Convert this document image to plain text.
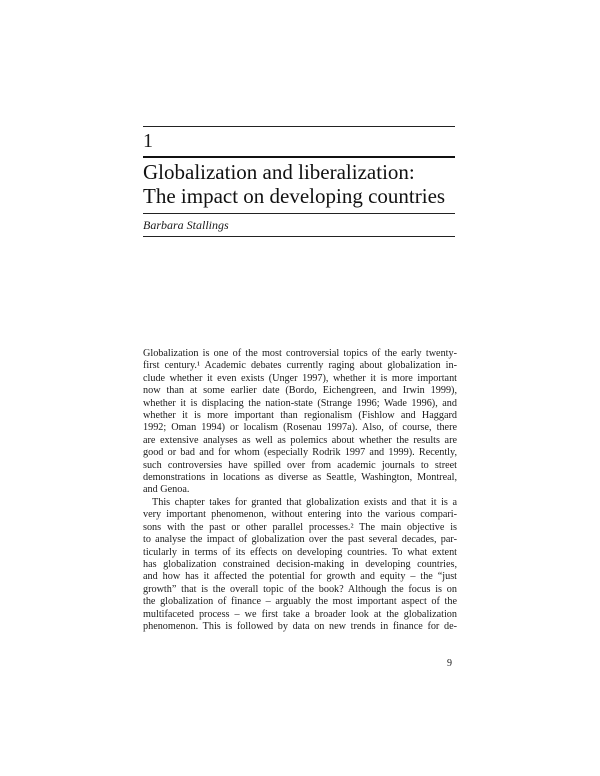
1
Globalization and liberalization:
The impact on developing countries
Barbara Stallings
Globalization is one of the most controversial topics of the early twenty-
first century.¹ Academic debates currently raging about globalization in-
clude whether it even exists (Unger 1997), whether it is more important
now than at some earlier date (Bordo, Eichengreen, and Irwin 1999),
whether it is displacing the nation-state (Strange 1996; Wade 1996), and
whether it is more important than regionalism (Fishlow and Haggard
1992; Oman 1994) or localism (Rosenau 1997a). Also, of course, there
are extensive analyses as well as polemics about whether the results are
good or bad and for whom (especially Rodrik 1997 and 1999). Recently,
such controversies have spilled over from academic journals to street
demonstrations in locations as diverse as Seattle, Washington, Montreal,
and Genoa.
This chapter takes for granted that globalization exists and that it is a
very important phenomenon, without entering into the various compari-
sons with the past or other parallel processes.² The main objective is
to analyse the impact of globalization over the past several decades, par-
ticularly in terms of its effects on developing countries. To what extent
has globalization constrained decision-making in developing countries,
and how has it affected the potential for growth and equity – the “just
growth” that is the overall topic of the book? Although the focus is on
the globalization of finance – arguably the most important aspect of the
multifaceted process – we first take a broader look at the globalization
phenomenon. This is followed by data on new trends in finance for de-
9
